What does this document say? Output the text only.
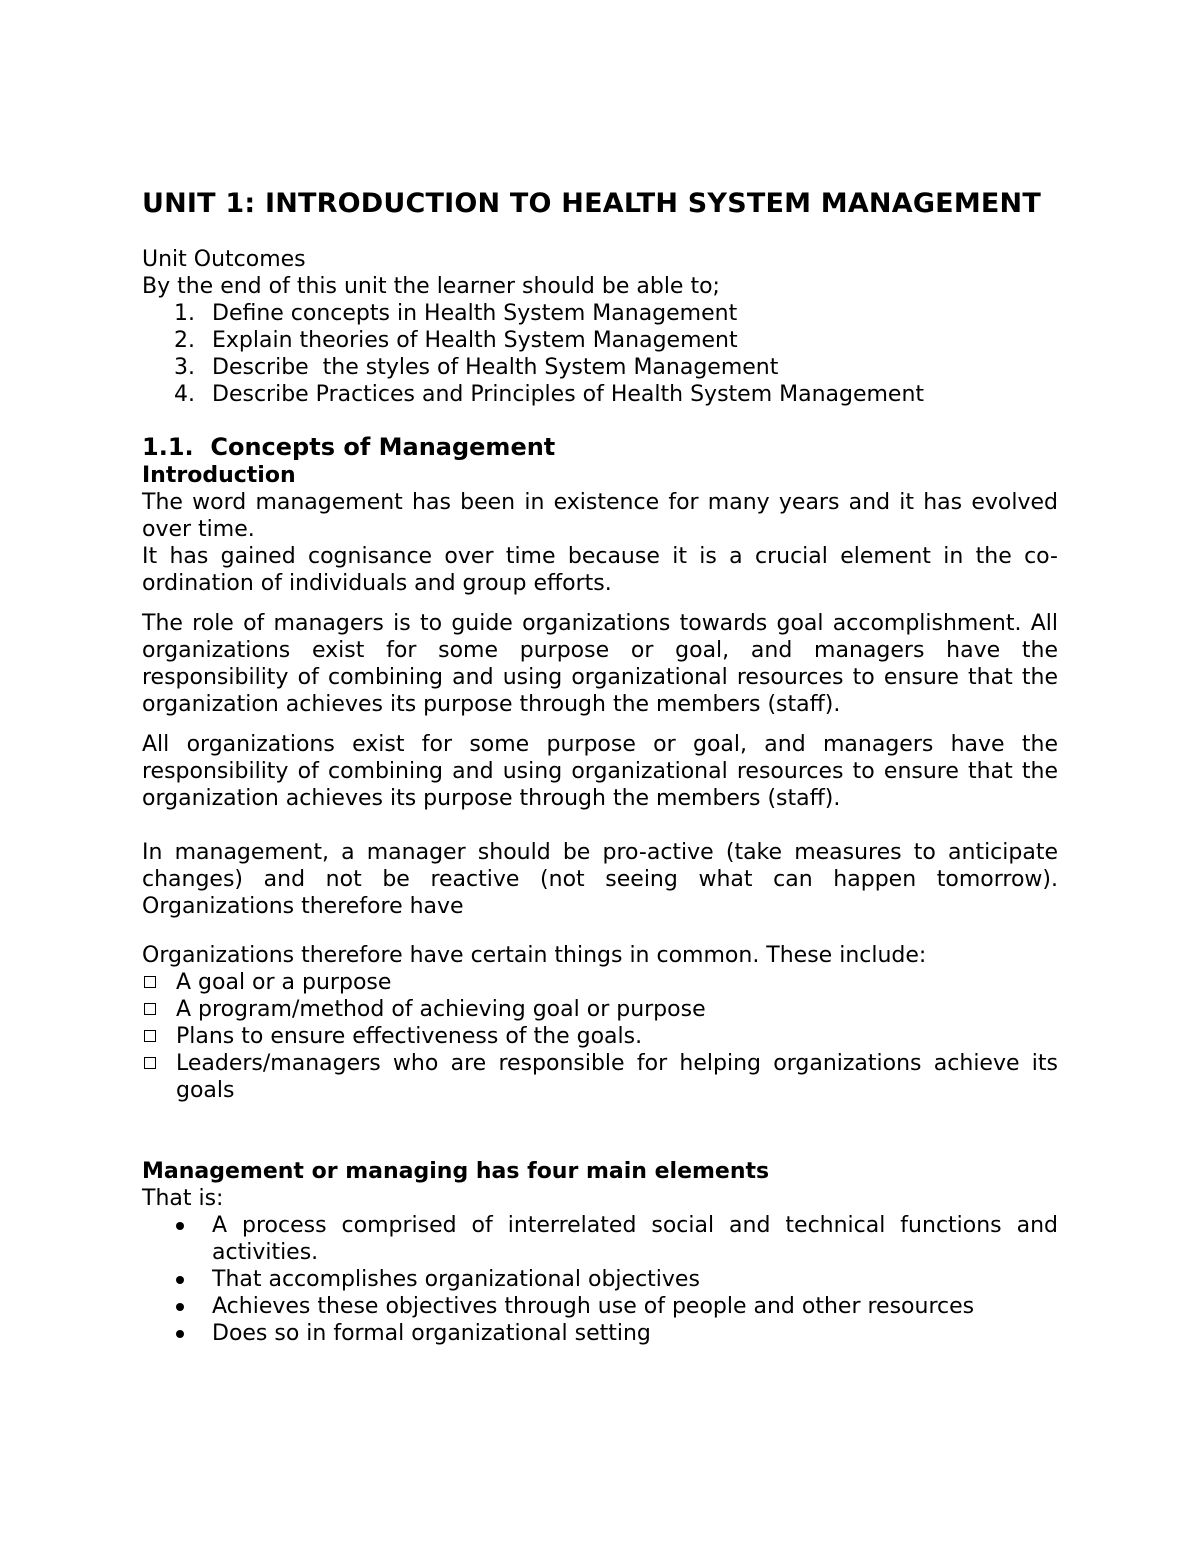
UNIT 1: INTRODUCTION TO HEALTH SYSTEM MANAGEMENT

Unit Outcomes

By the end of this unit the learner should be able to;

1. Define concepts in Health System Management
2. Explain theories of Health System Management
3. Describe  the styles of Health System Management
4. Describe Practices and Principles of Health System Management
1.1.  Concepts of Management
Introduction

The word management has been in existence for many years and it has evolved over time.

It has gained cognisance over time because it is a crucial element in the co-ordination of individuals and group efforts.

The role of managers is to guide organizations towards goal accomplishment. All organizations exist for some purpose or goal, and managers have the responsibility of combining and using organizational resources to ensure that the organization achieves its purpose through the members (staff).

All organizations exist for some purpose or goal, and managers have the responsibility of combining and using organizational resources to ensure that the organization achieves its purpose through the members (staff).

In management, a manager should be pro-active (take measures to anticipate changes) and not be reactive (not seeing what can happen tomorrow). Organizations therefore have

Organizations therefore have certain things in common. These include:

A goal or a purpose
A program/method of achieving goal or purpose
Plans to ensure effectiveness of the goals.
Leaders/managers who are responsible for helping organizations achieve its goals
Management or managing has four main elements

That is:

A process comprised of interrelated social and technical functions and activities.
That accomplishes organizational objectives
Achieves these objectives through use of people and other resources
Does so in formal organizational setting
